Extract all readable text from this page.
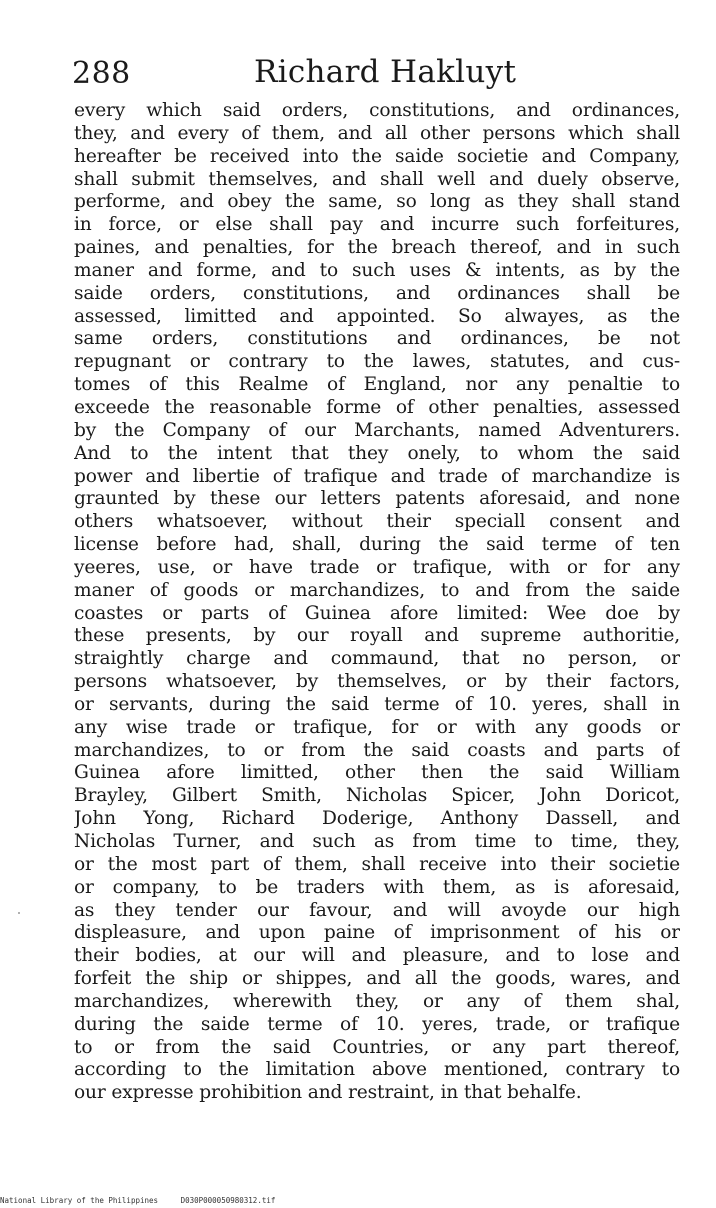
288	Richard Hakluyt
every which said orders, constitutions, and ordinances,
they, and every of them, and all other persons which shall
hereafter be received into the saide societie and Company,
shall submit themselves, and shall well and duely observe,
performe, and obey the same, so long as they shall stand
in force, or else shall pay and incurre such forfeitures,
paines, and penalties, for the breach thereof, and in such
maner and forme, and to such uses & intents, as by the
saide orders, constitutions, and ordinances shall be
assessed, limitted and appointed. So alwayes, as the
same orders, constitutions and ordinances, be not
repugnant or contrary to the lawes, statutes, and cus-
tomes of this Realme of England, nor any penaltie to
exceede the reasonable forme of other penalties, assessed
by the Company of our Marchants, named Adventurers.
And to the intent that they onely, to whom the said
power and libertie of trafique and trade of marchandize is
graunted by these our letters patents aforesaid, and none
others whatsoever, without their speciall consent and
license before had, shall, during the said terme of ten
yeeres, use, or have trade or trafique, with or for any
maner of goods or marchandizes, to and from the saide
coastes or parts of Guinea afore limited: Wee doe by
these presents, by our royall and supreme authoritie,
straightly charge and commaund, that no person, or
persons whatsoever, by themselves, or by their factors,
or servants, during the said terme of 10. yeres, shall in
any wise trade or trafique, for or with any goods or
marchandizes, to or from the said coasts and parts of
Guinea afore limitted, other then the said William
Brayley, Gilbert Smith, Nicholas Spicer, John Doricot,
John Yong, Richard Doderige, Anthony Dassell, and
Nicholas Turner, and such as from time to time, they,
or the most part of them, shall receive into their societie
or company, to be traders with them, as is aforesaid,
as they tender our favour, and will avoyde our high
displeasure, and upon paine of imprisonment of his or
their bodies, at our will and pleasure, and to lose and
forfeit the ship or shippes, and all the goods, wares, and
marchandizes, wherewith they, or any of them shal,
during the saide terme of 10. yeres, trade, or trafique
to or from the said Countries, or any part thereof,
according to the limitation above mentioned, contrary to
our expresse prohibition and restraint, in that behalfe.
National Library of the Philippines	D030P000050980312.tif
